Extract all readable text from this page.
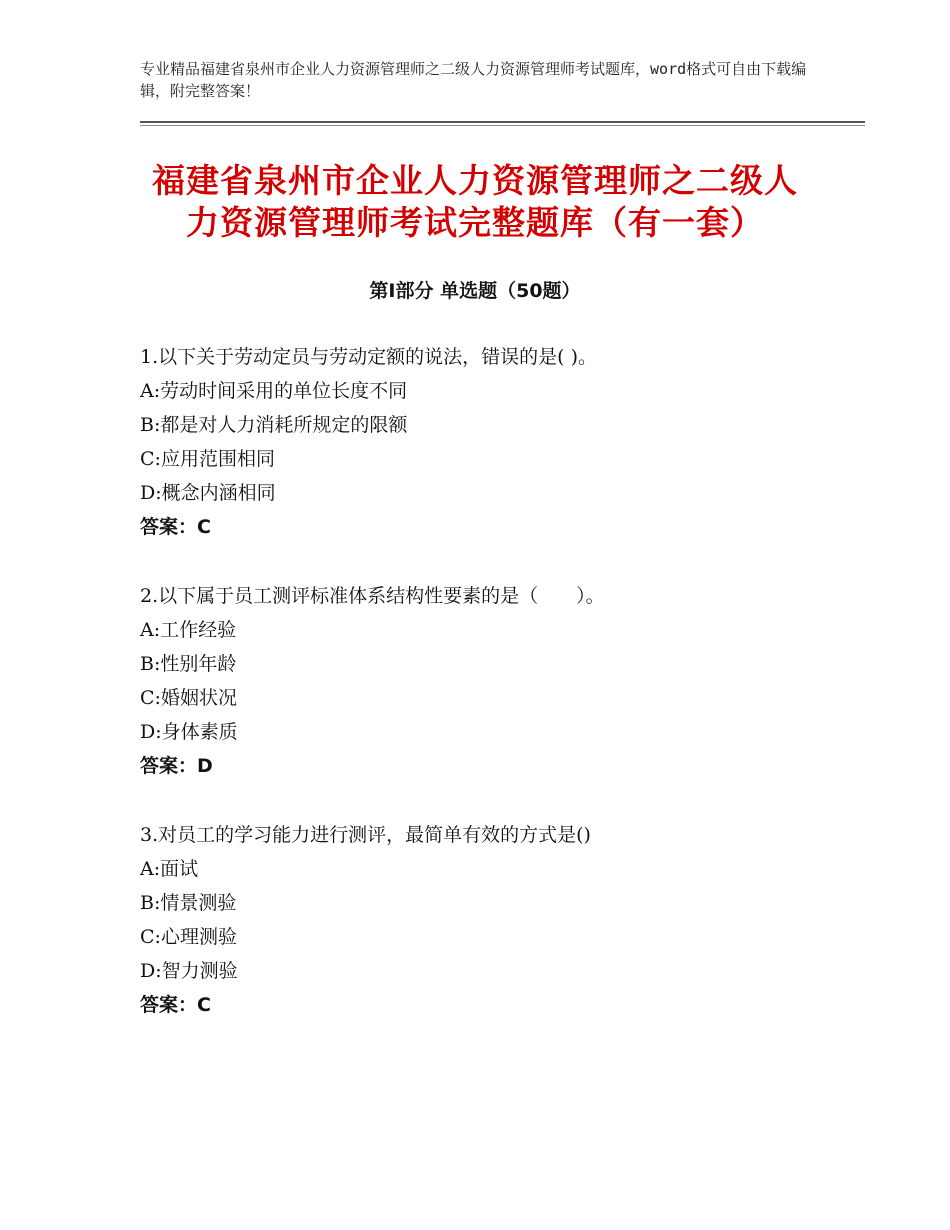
专业精品福建省泉州市企业人力资源管理师之二级人力资源管理师考试题库，word格式可自由下载编辑，附完整答案！
福建省泉州市企业人力资源管理师之二级人
力资源管理师考试完整题库（有一套）
第Ⅰ部分 单选题（50题）
1.以下关于劳动定员与劳动定额的说法，错误的是( )。
A:劳动时间采用的单位长度不同
B:都是对人力消耗所规定的限额
C:应用范围相同
D:概念内涵相同
答案：C
2.以下属于员工测评标准体系结构性要素的是（　　）。
A:工作经验
B:性别年龄
C:婚姻状况
D:身体素质
答案：D
3.对员工的学习能力进行测评，最简单有效的方式是()
A:面试
B:情景测验
C:心理测验
D:智力测验
答案：C
